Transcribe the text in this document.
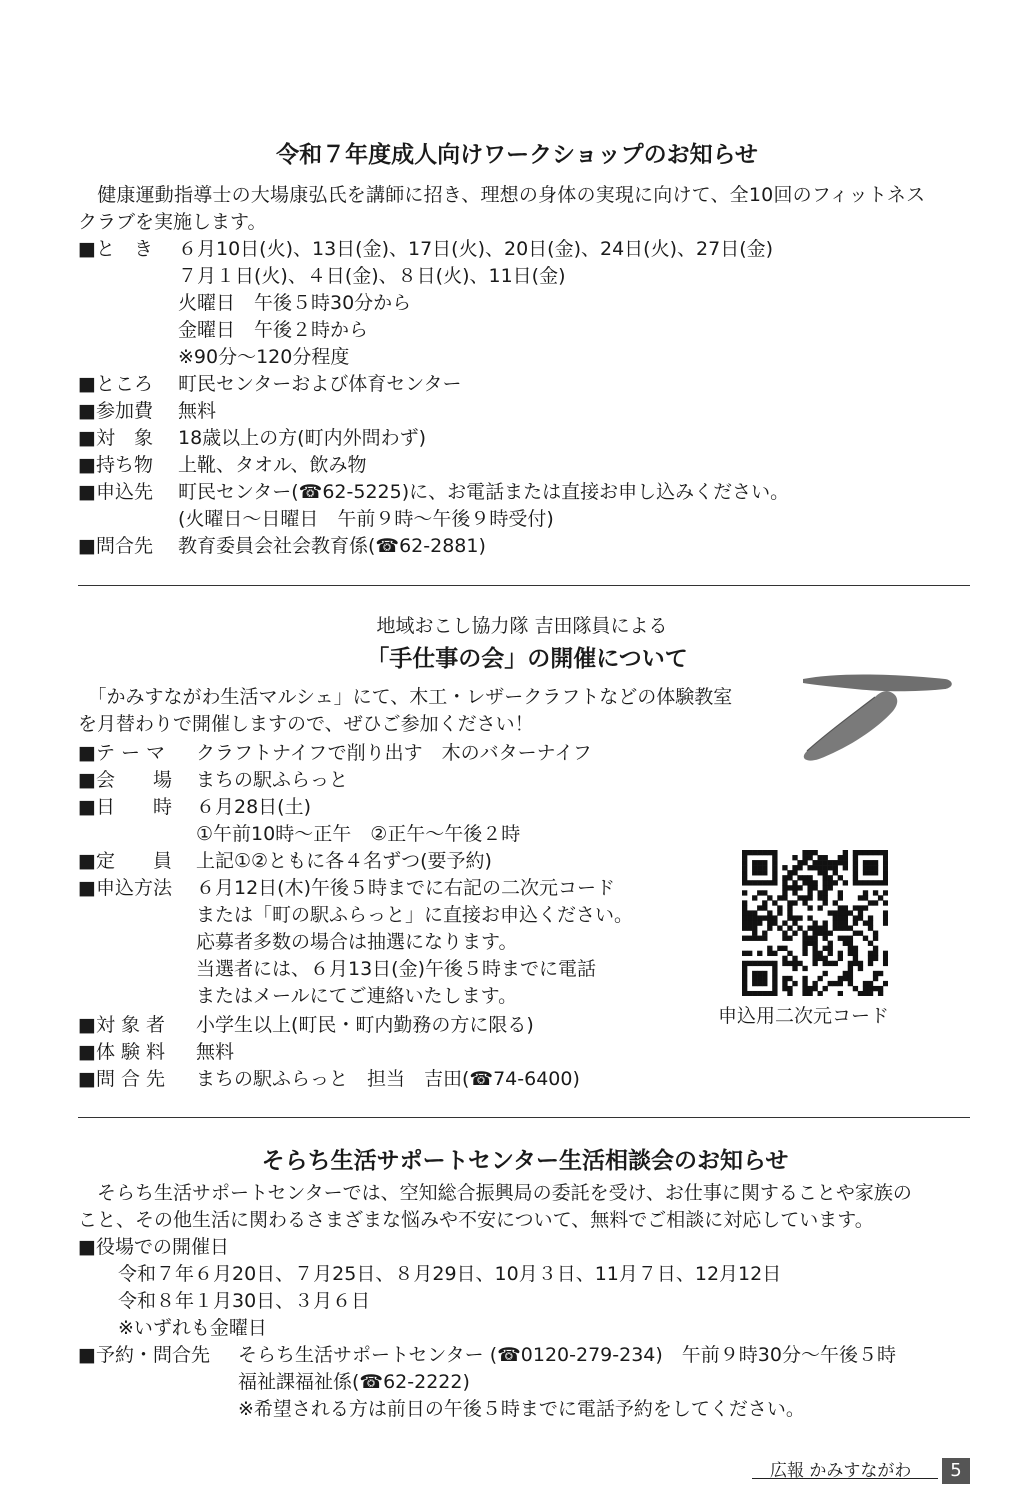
令和７年度成人向けワークショップのお知らせ
　健康運動指導士の大場康弘氏を講師に招き、理想の身体の実現に向けて、全10回のフィットネス
クラブを実施します。
■と　き ６月10日(火)、13日(金)、17日(火)、20日(金)、24日(火)、27日(金)
７月１日(火)、４日(金)、８日(火)、11日(金)
火曜日　午後５時30分から
金曜日　午後２時から
※90分～120分程度
■ところ 町民センターおよび体育センター
■参加費 無料
■対　象 18歳以上の方(町内外問わず)
■持ち物 上靴、タオル、飲み物
■申込先 町民センター(☎62-5225)に、お電話または直接お申し込みください。
(火曜日～日曜日　午前９時～午後９時受付)
■問合先 教育委員会社会教育係(☎62-2881)
地域おこし協力隊 吉田隊員による
「手仕事の会」の開催について
　「かみすながわ生活マルシェ」にて、木工・レザークラフトなどの体験教室
を月替わりで開催しますので、ぜひご参加ください！
■テ ー マ クラフトナイフで削り出す　木のバターナイフ
■会　　場 まちの駅ふらっと
■日　　時 ６月28日(土)
①午前10時～正午　②正午～午後２時
■定　　員 上記①②ともに各４名ずつ(要予約)
■申込方法 ６月12日(木)午後５時までに右記の二次元コード
または「町の駅ふらっと」に直接お申込ください。
応募者多数の場合は抽選になります。
当選者には、６月13日(金)午後５時までに電話
またはメールにてご連絡いたします。
■対 象 者 小学生以上(町民・町内勤務の方に限る)
■体 験 料 無料
■問 合 先 まちの駅ふらっと　担当　吉田(☎74-6400)
申込用二次元コード
そらち生活サポートセンター生活相談会のお知らせ
　そらち生活サポートセンターでは、空知総合振興局の委託を受け、お仕事に関することや家族の
こと、その他生活に関わるさまざまな悩みや不安について、無料でご相談に対応しています。
■役場での開催日
令和７年６月20日、７月25日、８月29日、10月３日、11月７日、12月12日
令和８年１月30日、３月６日
※いずれも金曜日
■予約・問合先 そらち生活サポートセンター (☎0120-279-234)　午前９時30分～午後５時
福祉課福祉係(☎62-2222)
※希望される方は前日の午後５時までに電話予約をしてください。
広報 かみすながわ	5
